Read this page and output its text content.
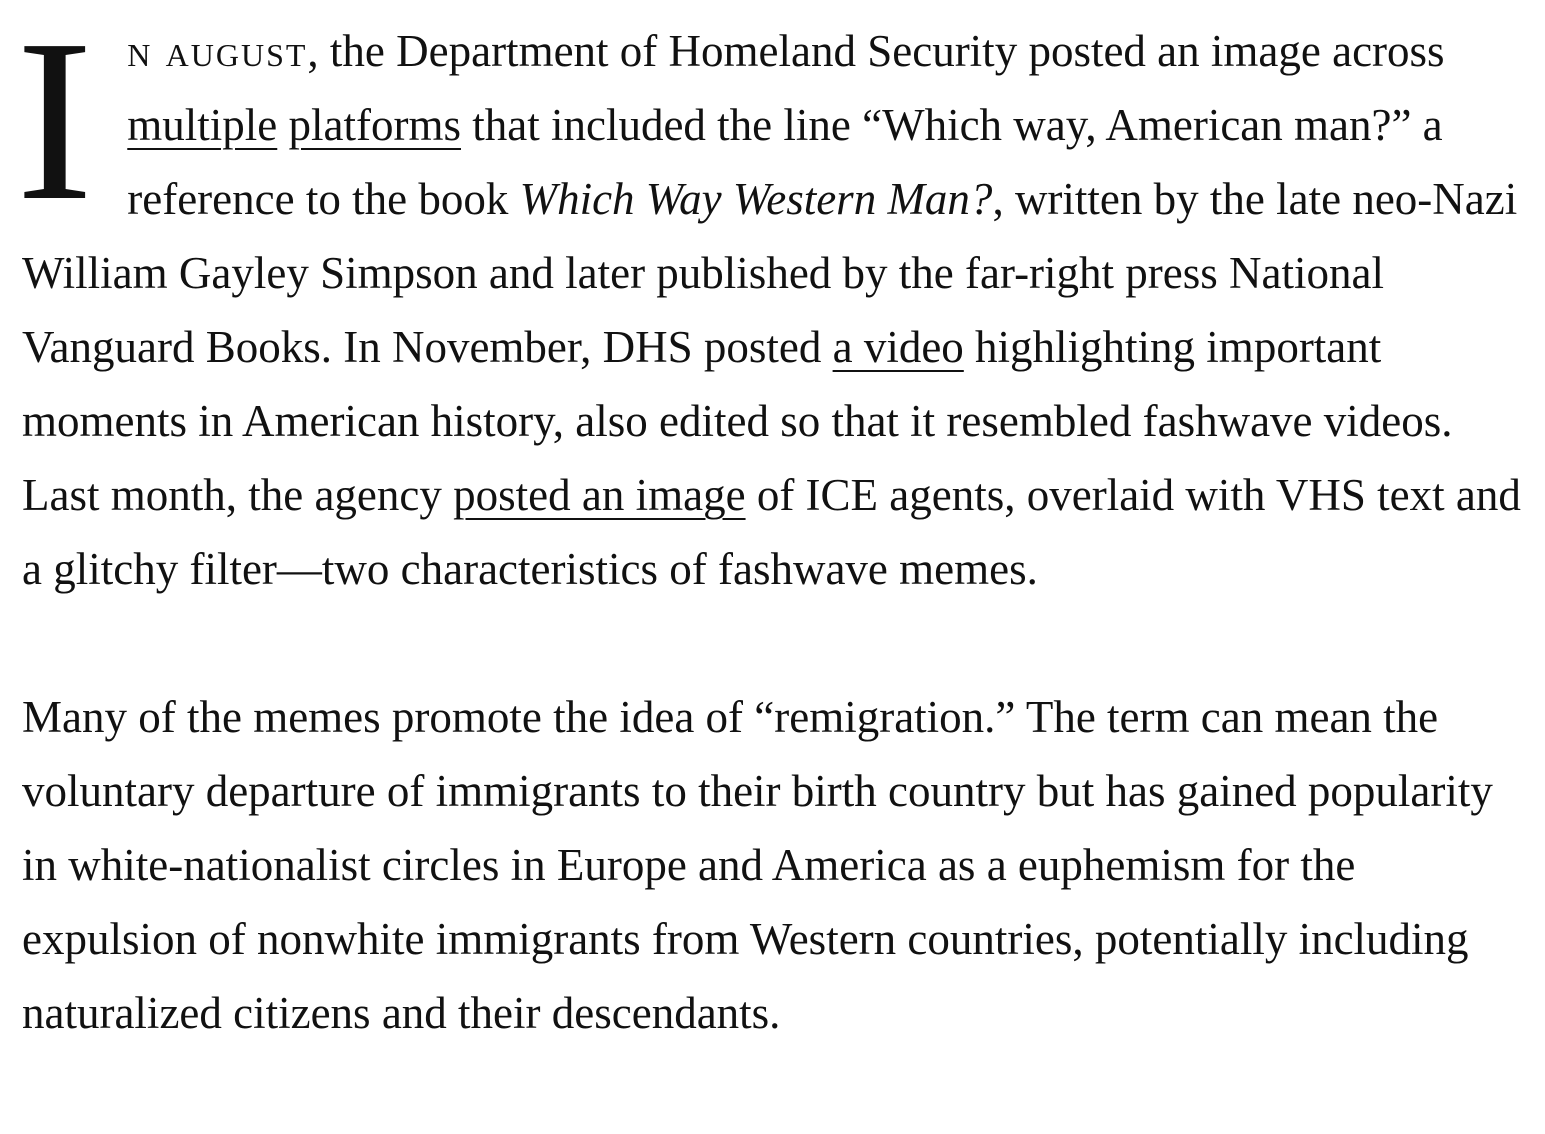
In august, the Department of Homeland Security posted an image across multiple platforms that included the line “Which way, American man?” a reference to the book Which Way Western Man?, written by the late neo-Nazi William Gayley Simpson and later published by the far-right press National Vanguard Books. In November, DHS posted a video highlighting important moments in American history, also edited so that it resembled fashwave videos. Last month, the agency posted an image of ICE agents, overlaid with VHS text and a glitchy filter—two characteristics of fashwave memes.

Many of the memes promote the idea of “remigration.” The term can mean the voluntary departure of immigrants to their birth country but has gained popularity in white-nationalist circles in Europe and America as a euphemism for the expulsion of nonwhite immigrants from Western countries, potentially including naturalized citizens and their descendants.
